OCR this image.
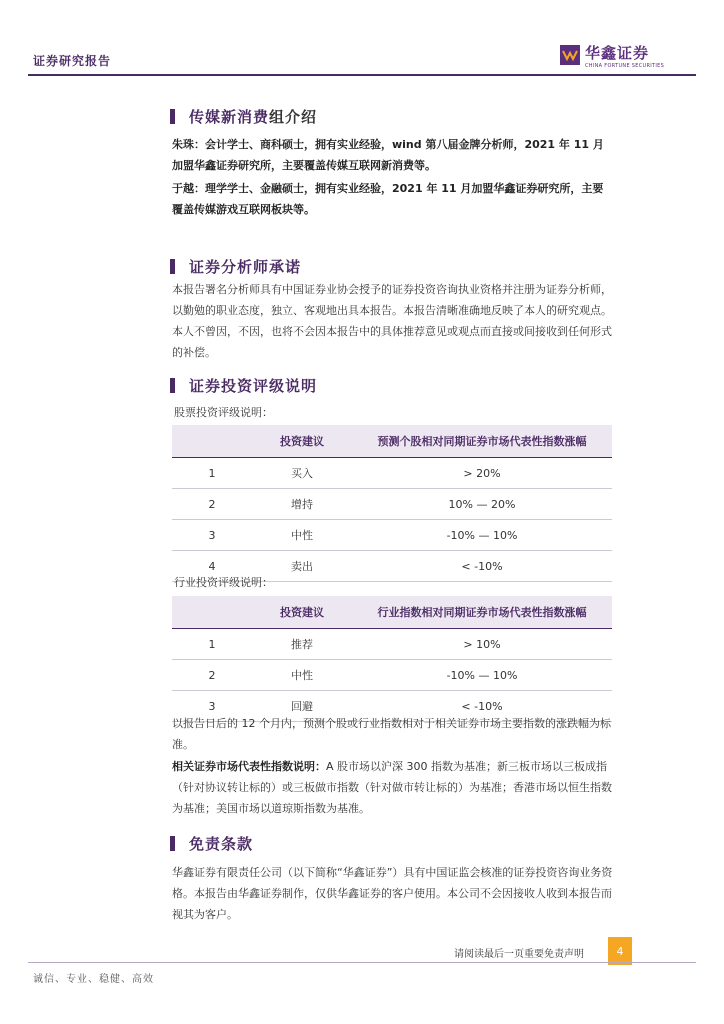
证券研究报告	华鑫证券
CHINA FORTUNE SECURITIES
传媒新消费组介绍

朱珠：会计学士、商科硕士，拥有实业经验，wind 第八届金牌分析师，2021 年 11 月加盟华鑫证券研究所，主要覆盖传媒互联网新消费等。

于越：理学学士、金融硕士，拥有实业经验，2021 年 11 月加盟华鑫证券研究所，主要覆盖传媒游戏互联网板块等。

证券分析师承诺

本报告署名分析师具有中国证券业协会授予的证券投资咨询执业资格并注册为证券分析师，以勤勉的职业态度，独立、客观地出具本报告。本报告清晰准确地反映了本人的研究观点。本人不曾因，不因，也将不会因本报告中的具体推荐意见或观点而直接或间接收到任何形式的补偿。

证券投资评级说明
股票投资评级说明：
	投资建议	预测个股相对同期证券市场代表性指数涨幅
1	买入	> 20%
2	增持	10% — 20%
3	中性	-10% — 10%
4	卖出	< -10%
行业投资评级说明：
	投资建议	行业指数相对同期证券市场代表性指数涨幅
1	推荐	> 10%
2	中性	-10% — 10%
3	回避	< -10%

以报告日后的 12 个月内，预测个股或行业指数相对于相关证券市场主要指数的涨跌幅为标准。

相关证券市场代表性指数说明：A 股市场以沪深 300 指数为基准；新三板市场以三板成指（针对协议转让标的）或三板做市指数（针对做市转让标的）为基准；香港市场以恒生指数为基准；美国市场以道琼斯指数为基准。

免责条款

华鑫证券有限责任公司（以下简称“华鑫证券”）具有中国证监会核准的证券投资咨询业务资格。本报告由华鑫证券制作，仅供华鑫证券的客户使用。本公司不会因接收人收到本报告而视其为客户。

请阅读最后一页重要免责声明	4
诚信、专业、稳健、高效
